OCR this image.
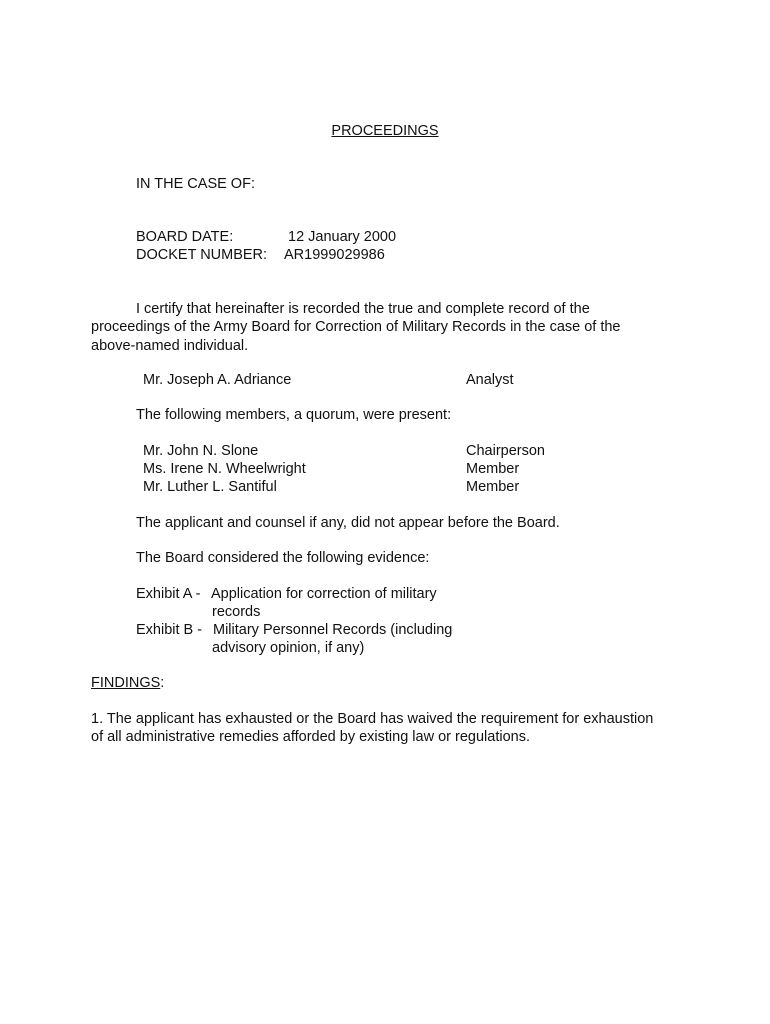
PROCEEDINGS
IN THE CASE OF:
BOARD DATE:	12 January 2000
DOCKET NUMBER: AR1999029986
I certify that hereinafter is recorded the true and complete record of the proceedings of the Army Board for Correction of Military Records in the case of the above-named individual.
Mr. Joseph A. Adriance	Analyst
The following members, a quorum, were present:
Mr. John N. Slone	Chairperson
Ms. Irene N. Wheelwright	Member
Mr. Luther L. Santiful	Member
The applicant and counsel if any, did not appear before the Board.
The Board considered the following evidence:
Exhibit A - Application for correction of military
records
Exhibit B - Military Personnel Records (including
advisory opinion, if any)
FINDINGS:
1. The applicant has exhausted or the Board has waived the requirement for exhaustion of all administrative remedies afforded by existing law or regulations.
